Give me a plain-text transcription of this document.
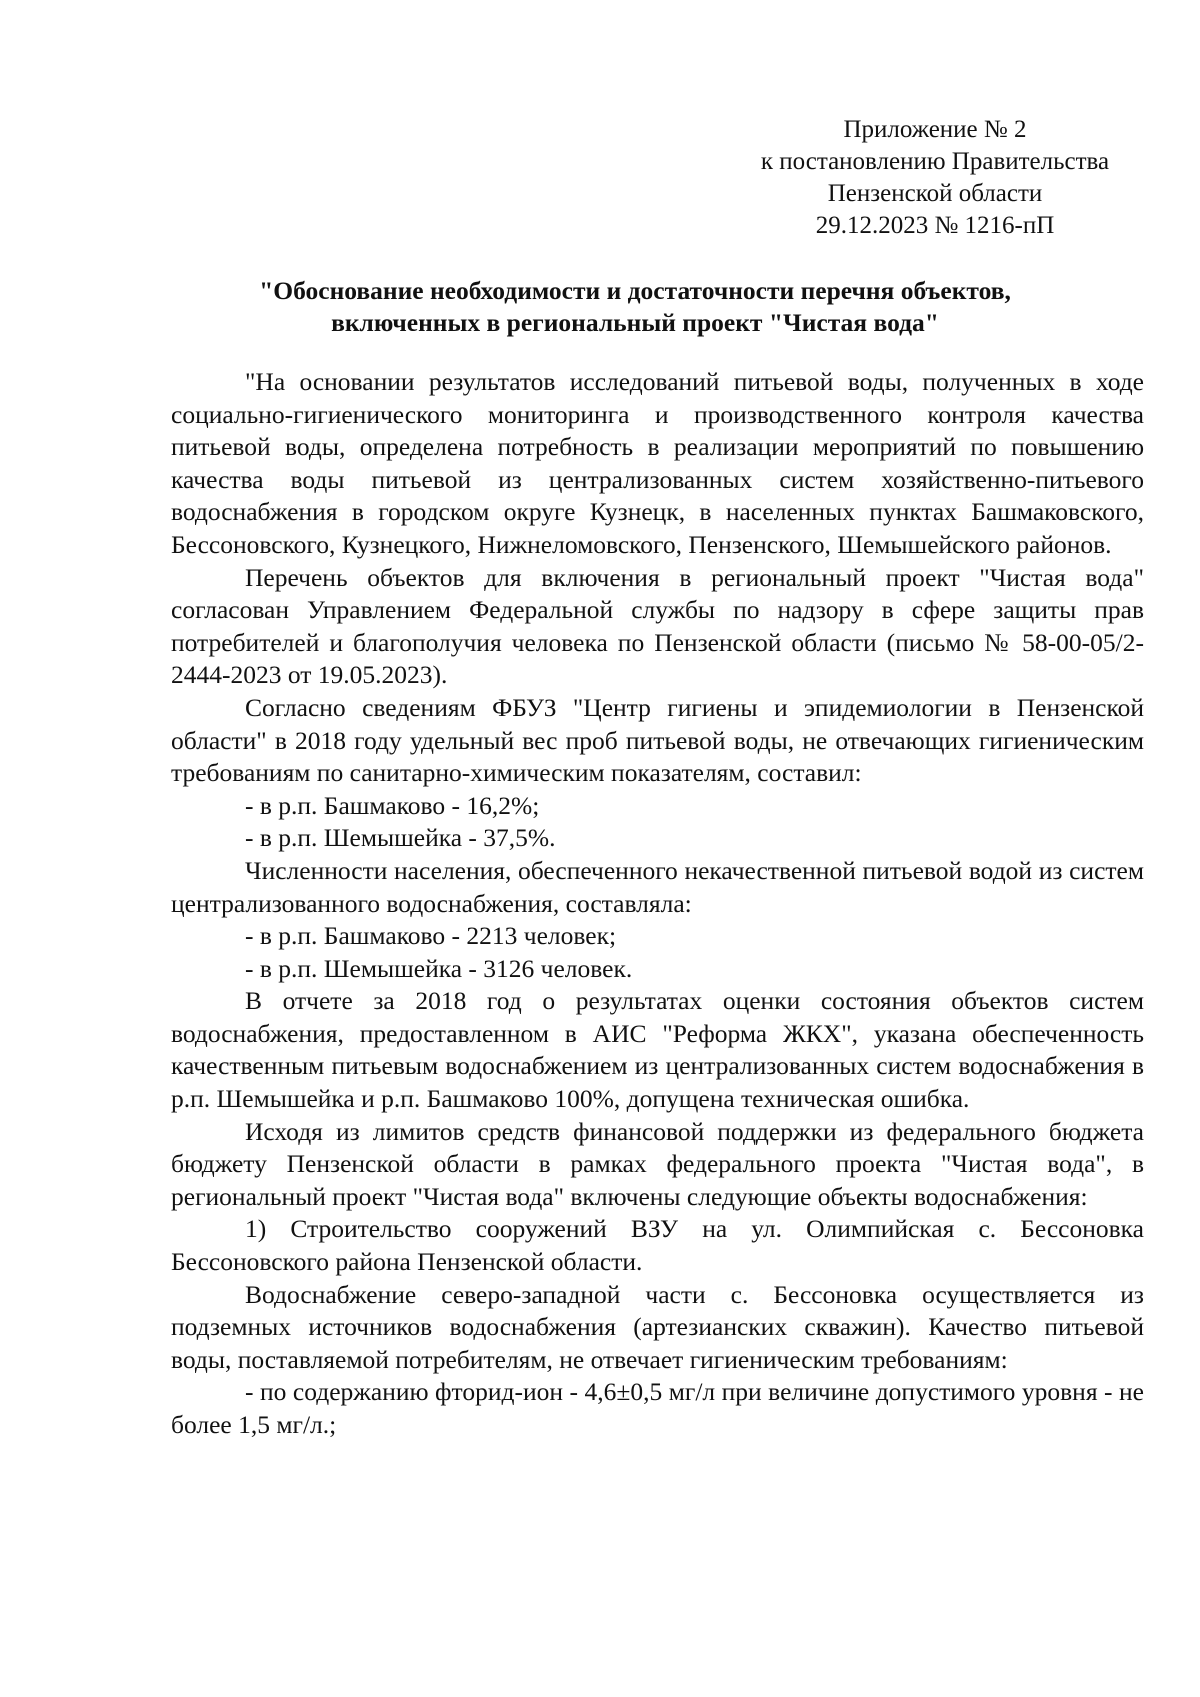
Приложение № 2
к постановлению Правительства
Пензенской области
29.12.2023 № 1216-пП
"Обоснование необходимости и достаточности перечня объектов,
включенных в региональный проект "Чистая вода"

"На основании результатов исследований питьевой воды, полученных в ходе социально-гигиенического мониторинга и производственного контроля качества питьевой воды, определена потребность в реализации мероприятий по повышению качества воды питьевой из централизованных систем хозяйственно-питьевого водоснабжения в городском округе Кузнецк, в населенных пунктах Башмаковского, Бессоновского, Кузнецкого, Нижнеломовского, Пензенского, Шемышейского районов.

Перечень объектов для включения в региональный проект "Чистая вода" согласован Управлением Федеральной службы по надзору в сфере защиты прав потребителей и благополучия человека по Пензенской области (письмо № 58-00-05/2-2444-2023 от 19.05.2023).

Согласно сведениям ФБУЗ "Центр гигиены и эпидемиологии в Пензенской области" в 2018 году удельный вес проб питьевой воды, не отвечающих гигиеническим требованиям по санитарно-химическим показателям, составил:

- в р.п. Башмаково - 16,2%;

- в р.п. Шемышейка - 37,5%.

Численности населения, обеспеченного некачественной питьевой водой из систем централизованного водоснабжения, составляла:

- в р.п. Башмаково - 2213 человек;

- в р.п. Шемышейка - 3126 человек.

В отчете за 2018 год о результатах оценки состояния объектов систем водоснабжения, предоставленном в АИС "Реформа ЖКХ", указана обеспеченность качественным питьевым водоснабжением из централизованных систем водоснабжения в р.п. Шемышейка и р.п. Башмаково 100%, допущена техническая ошибка.

Исходя из лимитов средств финансовой поддержки из федерального бюджета бюджету Пензенской области в рамках федерального проекта "Чистая вода", в региональный проект "Чистая вода" включены следующие объекты водоснабжения:

1) Строительство сооружений ВЗУ на ул. Олимпийская с. Бессоновка Бессоновского района Пензенской области.

Водоснабжение северо-западной части с. Бессоновка осуществляется из подземных источников водоснабжения (артезианских скважин). Качество питьевой воды, поставляемой потребителям, не отвечает гигиеническим требованиям:

- по содержанию фторид-ион - 4,6±0,5 мг/л при величине допустимого уровня - не более 1,5 мг/л.;
